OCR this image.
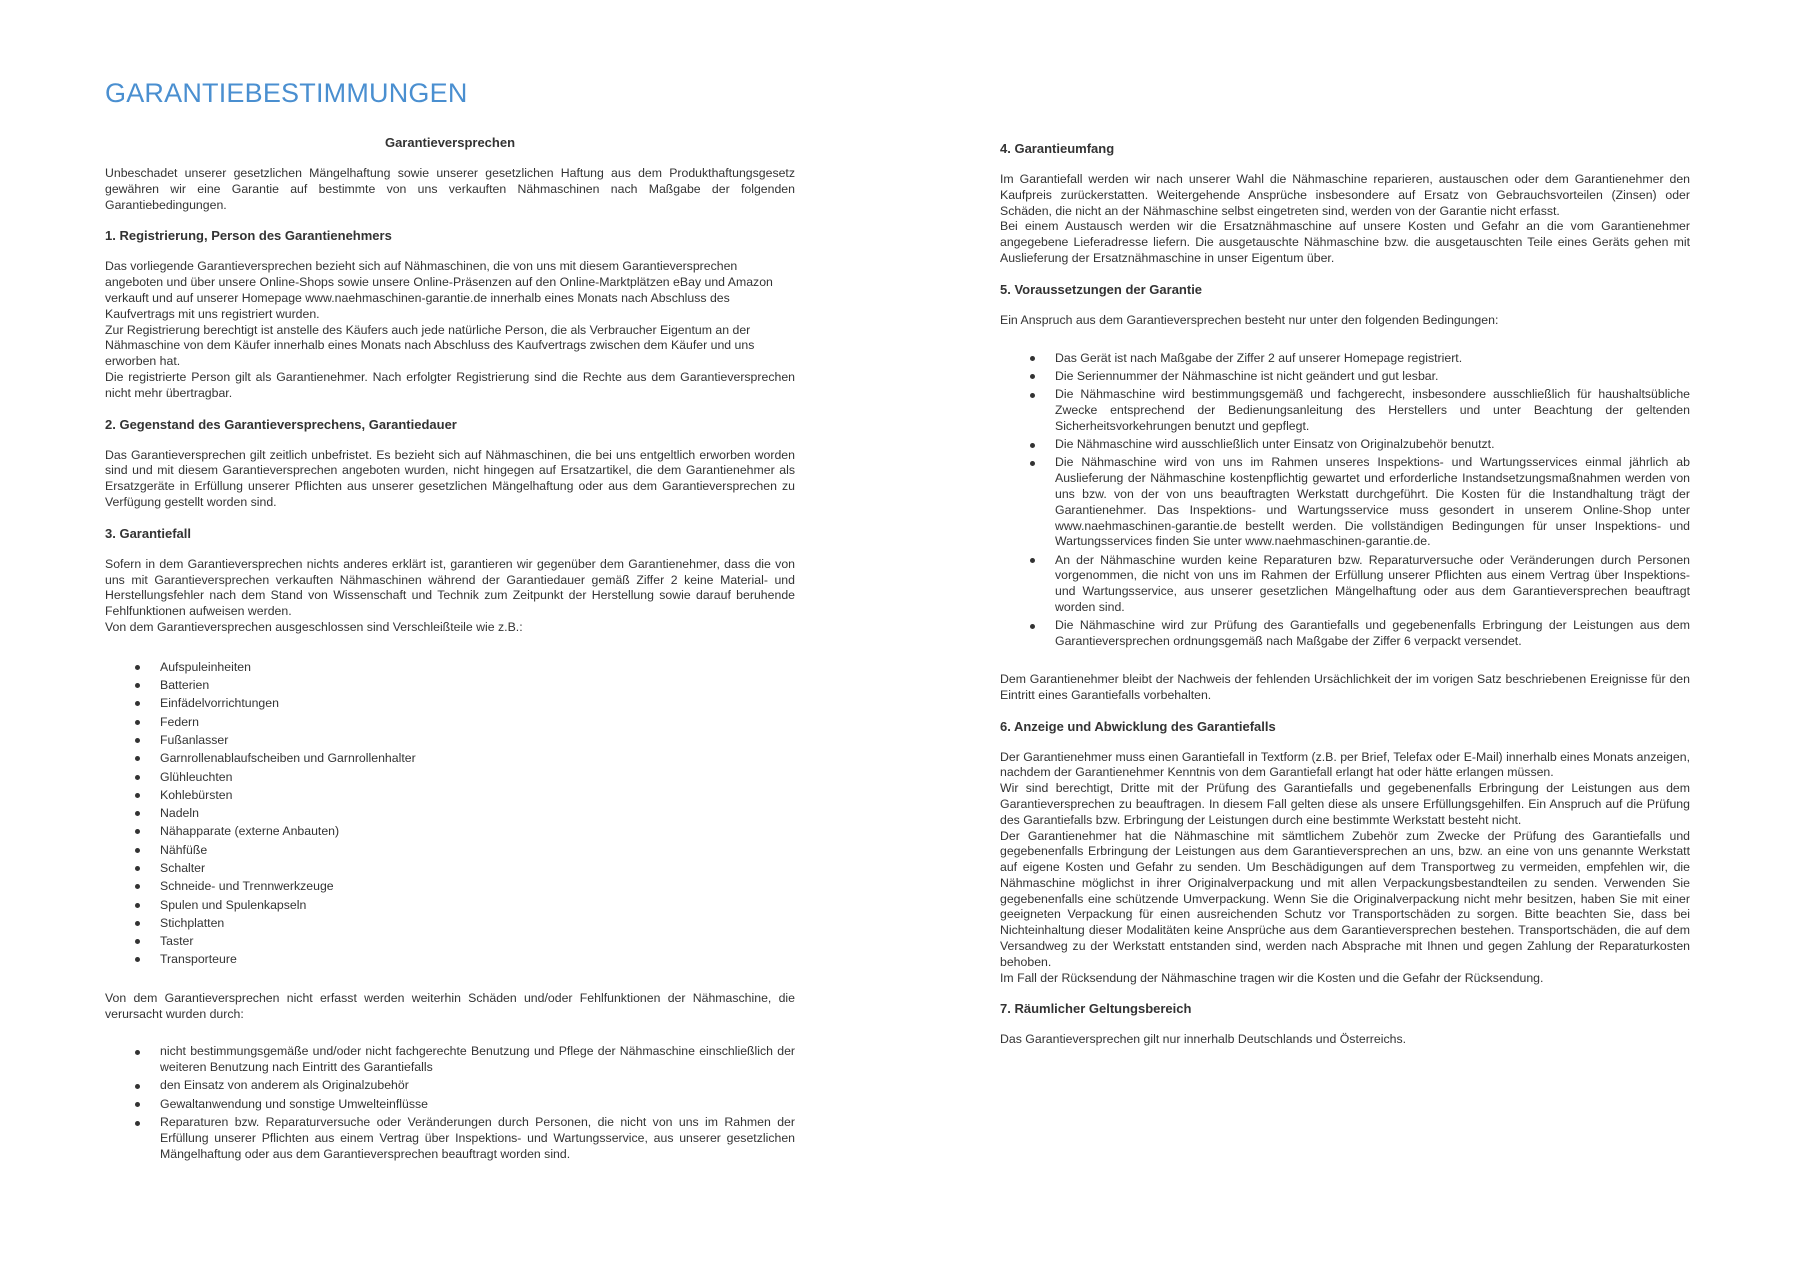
GARANTIEBESTIMMUNGEN
Garantieversprechen

Unbeschadet unserer gesetzlichen Mängelhaftung sowie unserer gesetzlichen Haftung aus dem Produkthaftungsgesetz gewähren wir eine Garantie auf bestimmte von uns verkauften Nähmaschinen nach Maßgabe der folgenden Garantiebedingungen.

1. Registrierung, Person des Garantienehmers

Das vorliegende Garantieversprechen bezieht sich auf Nähmaschinen, die von uns mit diesem Garantieversprechen angeboten und über unsere Online-Shops sowie unsere Online-Präsenzen auf den Online-Marktplätzen eBay und Amazon verkauft und auf unserer Homepage www.naehmaschinen-garantie.de innerhalb eines Monats nach Abschluss des Kaufvertrags mit uns registriert wurden.

Zur Registrierung berechtigt ist anstelle des Käufers auch jede natürliche Person, die als Verbraucher Eigentum an der Nähmaschine von dem Käufer innerhalb eines Monats nach Abschluss des Kaufvertrags zwischen dem Käufer und uns erworben hat.

Die registrierte Person gilt als Garantienehmer. Nach erfolgter Registrierung sind die Rechte aus dem Garantieversprechen nicht mehr übertragbar.

2. Gegenstand des Garantieversprechens, Garantiedauer

Das Garantieversprechen gilt zeitlich unbefristet. Es bezieht sich auf Nähmaschinen, die bei uns entgeltlich erworben worden sind und mit diesem Garantieversprechen angeboten wurden, nicht hingegen auf Ersatzartikel, die dem Garantienehmer als Ersatzgeräte in Erfüllung unserer Pflichten aus unserer gesetzlichen Mängelhaftung oder aus dem Garantieversprechen zu Verfügung gestellt worden sind.

3. Garantiefall

Sofern in dem Garantieversprechen nichts anderes erklärt ist, garantieren wir gegenüber dem Garantienehmer, dass die von uns mit Garantieversprechen verkauften Nähmaschinen während der Garantiedauer gemäß Ziffer 2 keine Material- und Herstellungsfehler nach dem Stand von Wissenschaft und Technik zum Zeitpunkt der Herstellung sowie darauf beruhende Fehlfunktionen aufweisen werden.

Von dem Garantieversprechen ausgeschlossen sind Verschleißteile wie z.B.:

Aufspuleinheiten
Batterien
Einfädelvorrichtungen
Federn
Fußanlasser
Garnrollenablaufscheiben und Garnrollenhalter
Glühleuchten
Kohlebürsten
Nadeln
Nähapparate (externe Anbauten)
Nähfüße
Schalter
Schneide- und Trennwerkzeuge
Spulen und Spulenkapseln
Stichplatten
Taster
Transporteure

Von dem Garantieversprechen nicht erfasst werden weiterhin Schäden und/oder Fehlfunktionen der Nähmaschine, die verursacht wurden durch:

nicht bestimmungsgemäße und/oder nicht fachgerechte Benutzung und Pflege der Nähmaschine einschließlich der weiteren Benutzung nach Eintritt des Garantiefalls
den Einsatz von anderem als Originalzubehör
Gewaltanwendung und sonstige Umwelteinflüsse
Reparaturen bzw. Reparaturversuche oder Veränderungen durch Personen, die nicht von uns im Rahmen der Erfüllung unserer Pflichten aus einem Vertrag über Inspektions- und Wartungsservice, aus unserer gesetzlichen Mängelhaftung oder aus dem Garantieversprechen beauftragt worden sind.
4. Garantieumfang

Im Garantiefall werden wir nach unserer Wahl die Nähmaschine reparieren, austauschen oder dem Garantienehmer den Kaufpreis zurückerstatten. Weitergehende Ansprüche insbesondere auf Ersatz von Gebrauchsvorteilen (Zinsen) oder Schäden, die nicht an der Nähmaschine selbst eingetreten sind, werden von der Garantie nicht erfasst.

Bei einem Austausch werden wir die Ersatznähmaschine auf unsere Kosten und Gefahr an die vom Garantienehmer angegebene Lieferadresse liefern. Die ausgetauschte Nähmaschine bzw. die ausgetauschten Teile eines Geräts gehen mit Auslieferung der Ersatznähmaschine in unser Eigentum über.

5. Voraussetzungen der Garantie

Ein Anspruch aus dem Garantieversprechen besteht nur unter den folgenden Bedingungen:

Das Gerät ist nach Maßgabe der Ziffer 2 auf unserer Homepage registriert.
Die Seriennummer der Nähmaschine ist nicht geändert und gut lesbar.
Die Nähmaschine wird bestimmungsgemäß und fachgerecht, insbesondere ausschließlich für haushaltsübliche Zwecke entsprechend der Bedienungsanleitung des Herstellers und unter Beachtung der geltenden Sicherheitsvorkehrungen benutzt und gepflegt.
Die Nähmaschine wird ausschließlich unter Einsatz von Originalzubehör benutzt.
Die Nähmaschine wird von uns im Rahmen unseres Inspektions- und Wartungsservices einmal jährlich ab Auslieferung der Nähmaschine kostenpflichtig gewartet und erforderliche Instandsetzungsmaßnahmen werden von uns bzw. von der von uns beauftragten Werkstatt durchgeführt. Die Kosten für die Instandhaltung trägt der Garantienehmer. Das Inspektions- und Wartungsservice muss gesondert in unserem Online-Shop unter www.naehmaschinen-garantie.de bestellt werden. Die vollständigen Bedingungen für unser Inspektions- und Wartungsservices finden Sie unter www.naehmaschinen-garantie.de.
An der Nähmaschine wurden keine Reparaturen bzw. Reparaturversuche oder Veränderungen durch Personen vorgenommen, die nicht von uns im Rahmen der Erfüllung unserer Pflichten aus einem Vertrag über Inspektions- und Wartungsservice, aus unserer gesetzlichen Mängelhaftung oder aus dem Garantieversprechen beauftragt worden sind.
Die Nähmaschine wird zur Prüfung des Garantiefalls und gegebenenfalls Erbringung der Leistungen aus dem Garantieversprechen ordnungsgemäß nach Maßgabe der Ziffer 6 verpackt versendet.

Dem Garantienehmer bleibt der Nachweis der fehlenden Ursächlichkeit der im vorigen Satz beschriebenen Ereignisse für den Eintritt eines Garantiefalls vorbehalten.

6. Anzeige und Abwicklung des Garantiefalls

Der Garantienehmer muss einen Garantiefall in Textform (z.B. per Brief, Telefax oder E-Mail) innerhalb eines Monats anzeigen, nachdem der Garantienehmer Kenntnis von dem Garantiefall erlangt hat oder hätte erlangen müssen.

Wir sind berechtigt, Dritte mit der Prüfung des Garantiefalls und gegebenenfalls Erbringung der Leistungen aus dem Garantieversprechen zu beauftragen. In diesem Fall gelten diese als unsere Erfüllungsgehilfen. Ein Anspruch auf die Prüfung des Garantiefalls bzw. Erbringung der Leistungen durch eine bestimmte Werkstatt besteht nicht.

Der Garantienehmer hat die Nähmaschine mit sämtlichem Zubehör zum Zwecke der Prüfung des Garantiefalls und gegebenenfalls Erbringung der Leistungen aus dem Garantieversprechen an uns, bzw. an eine von uns genannte Werkstatt auf eigene Kosten und Gefahr zu senden. Um Beschädigungen auf dem Transportweg zu vermeiden, empfehlen wir, die Nähmaschine möglichst in ihrer Originalverpackung und mit allen Verpackungsbestandteilen zu senden. Verwenden Sie gegebenenfalls eine schützende Umverpackung. Wenn Sie die Originalverpackung nicht mehr besitzen, haben Sie mit einer geeigneten Verpackung für einen ausreichenden Schutz vor Transportschäden zu sorgen. Bitte beachten Sie, dass bei Nichteinhaltung dieser Modalitäten keine Ansprüche aus dem Garantieversprechen bestehen. Transportschäden, die auf dem Versandweg zu der Werkstatt entstanden sind, werden nach Absprache mit Ihnen und gegen Zahlung der Reparaturkosten behoben.

Im Fall der Rücksendung der Nähmaschine tragen wir die Kosten und die Gefahr der Rücksendung.

7. Räumlicher Geltungsbereich

Das Garantieversprechen gilt nur innerhalb Deutschlands und Österreichs.
